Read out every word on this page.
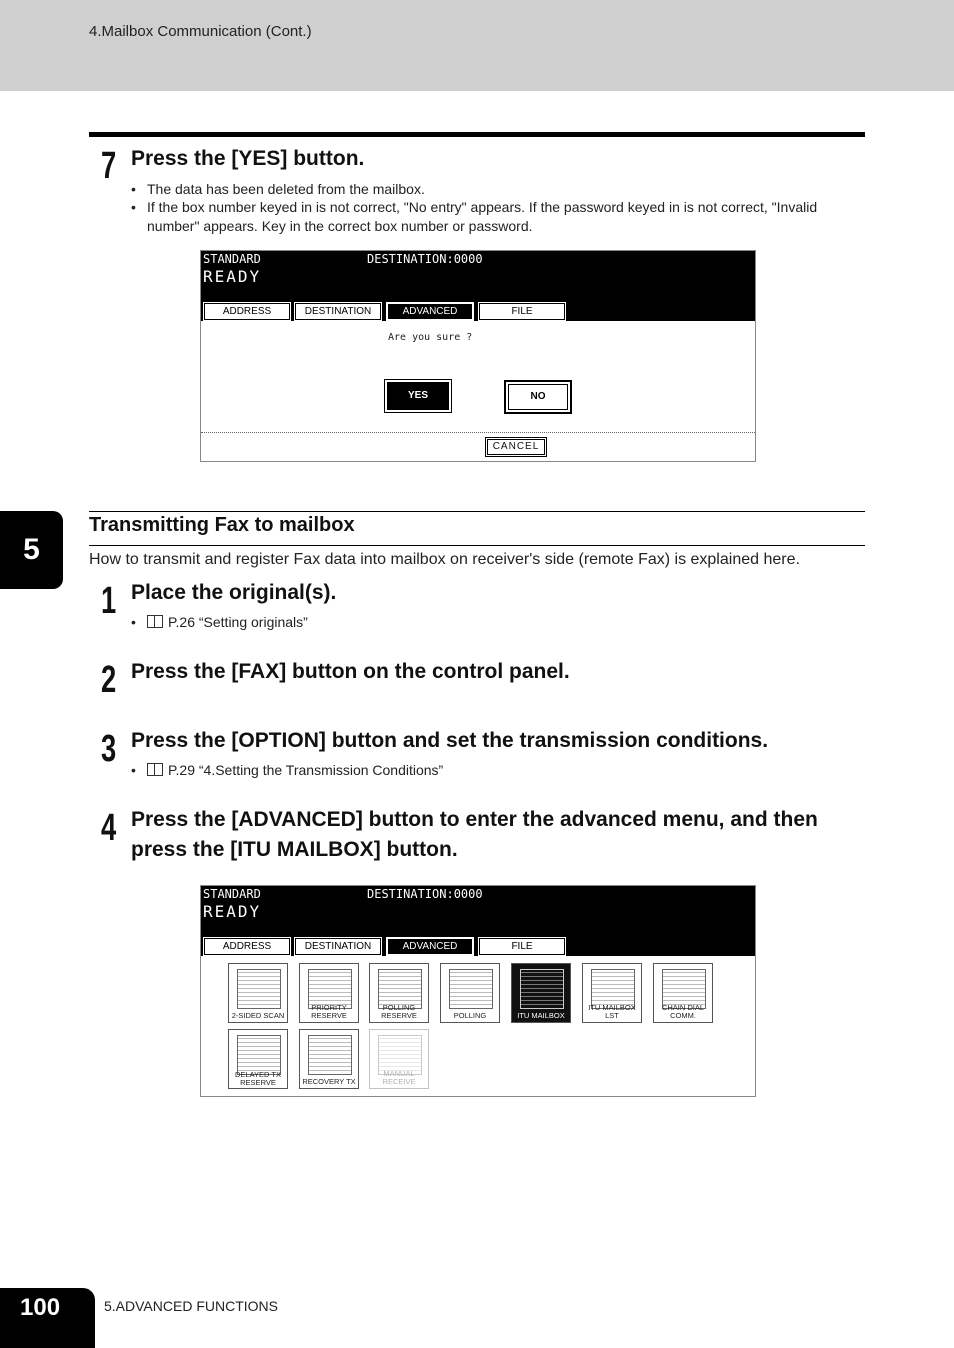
4.Mailbox Communication (Cont.)
7 Press the [YES] button.
• The data has been deleted from the mailbox.
• If the box number keyed in is not correct, "No entry" appears. If the password keyed in is not correct, "Invalid number" appears. Key in the correct box number or password.
STANDARD	DESTINATION:0000
READY
ADDRESS	DESTINATION	ADVANCED	FILE
Are you sure ?
YES	NO
CANCEL
5
Transmitting Fax to mailbox
How to transmit and register Fax data into mailbox on receiver's side (remote Fax) is explained here.
1 Place the original(s).
•	P.26 “Setting originals”
2 Press the [FAX] button on the control panel.
3 Press the [OPTION] button and set the transmission conditions.
•	P.29 “4.Setting the Transmission Conditions”
4 Press the [ADVANCED] button to enter the advanced menu, and then
press the [ITU MAILBOX] button.
STANDARD	DESTINATION:0000
READY
ADDRESS	DESTINATION	ADVANCED	FILE
2-SIDED SCAN
PRIORITY RESERVE
POLLING RESERVE	POLLING	ITU MAILBOX
ITU MAILBOX LST
CHAIN DIAL COMM.
DELAYED TX RESERVE	RECOVERY TX
MANUAL RECEIVE
100	5.ADVANCED FUNCTIONS
